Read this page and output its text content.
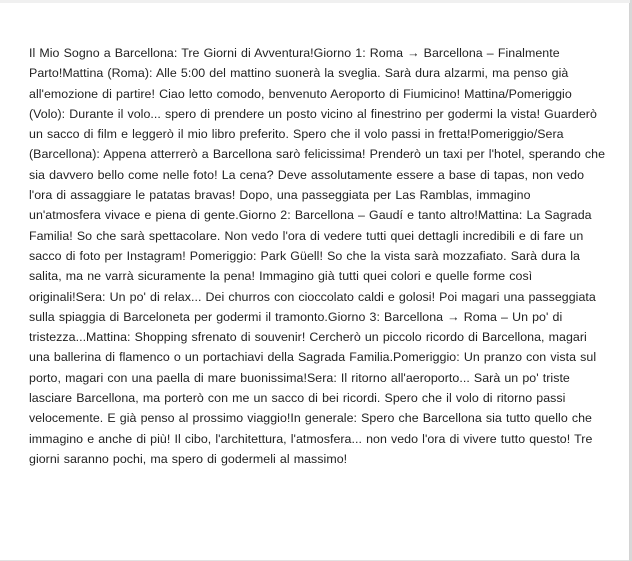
Il Mio Sogno a Barcellona: Tre Giorni di Avventura!Giorno 1: Roma → Barcellona – Finalmente Parto!Mattina (Roma): Alle 5:00 del mattino suonerà la sveglia. Sarà dura alzarmi, ma penso già all'emozione di partire! Ciao letto comodo, benvenuto Aeroporto di Fiumicino! Mattina/Pomeriggio (Volo): Durante il volo... spero di prendere un posto vicino al finestrino per godermi la vista! Guarderò un sacco di film e leggerò il mio libro preferito. Spero che il volo passi in fretta!Pomeriggio/Sera (Barcellona): Appena atterrerò a Barcellona sarò felicissima! Prenderò un taxi per l'hotel, sperando che sia davvero bello come nelle foto! La cena? Deve assolutamente essere a base di tapas, non vedo l'ora di assaggiare le patatas bravas! Dopo, una passeggiata per Las Ramblas, immagino un'atmosfera vivace e piena di gente.Giorno 2: Barcellona – Gaudí e tanto altro!Mattina: La Sagrada Familia! So che sarà spettacolare. Non vedo l'ora di vedere tutti quei dettagli incredibili e di fare un sacco di foto per Instagram! Pomeriggio: Park Güell! So che la vista sarà mozzafiato. Sarà dura la salita, ma ne varrà sicuramente la pena! Immagino già tutti quei colori e quelle forme così originali!Sera: Un po' di relax... Dei churros con cioccolato caldi e golosi! Poi magari una passeggiata sulla spiaggia di Barceloneta per godermi il tramonto.Giorno 3: Barcellona → Roma – Un po' di tristezza...Mattina: Shopping sfrenato di souvenir! Cercherò un piccolo ricordo di Barcellona, magari una ballerina di flamenco o un portachiavi della Sagrada Familia.Pomeriggio: Un pranzo con vista sul porto, magari con una paella di mare buonissima!Sera: Il ritorno all'aeroporto... Sarà un po' triste lasciare Barcellona, ma porterò con me un sacco di bei ricordi. Spero che il volo di ritorno passi velocemente. E già penso al prossimo viaggio!In generale: Spero che Barcellona sia tutto quello che immagino e anche di più! Il cibo, l'architettura, l'atmosfera... non vedo l'ora di vivere tutto questo! Tre giorni saranno pochi, ma spero di godermeli al massimo!
